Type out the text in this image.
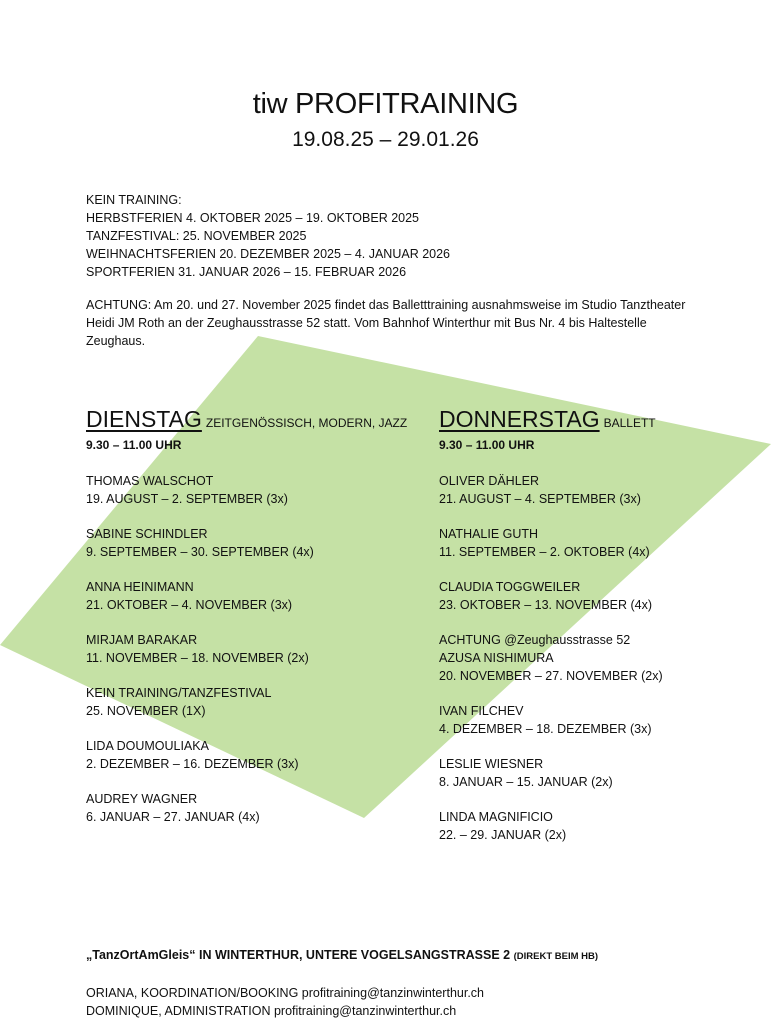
tiw PROFITRAINING
19.08.25 – 29.01.26
KEIN TRAINING:
HERBSTFERIEN 4. OKTOBER 2025 – 19. OKTOBER 2025
TANZFESTIVAL: 25. NOVEMBER 2025
WEIHNACHTSFERIEN 20. DEZEMBER 2025 – 4. JANUAR 2026
SPORTFERIEN 31. JANUAR 2026 – 15. FEBRUAR 2026
ACHTUNG: Am 20. und 27. November 2025 findet das Balletttraining ausnahmsweise im Studio Tanztheater Heidi JM Roth an der Zeughausstrasse 52 statt. Vom Bahnhof Winterthur mit Bus Nr. 4 bis Haltestelle Zeughaus.
DIENSTAG ZEITGENÖSSISCH, MODERN, JAZZ
9.30 – 11.00 UHR
THOMAS WALSCHOT
19. AUGUST – 2. SEPTEMBER (3x)
SABINE SCHINDLER
9. SEPTEMBER – 30. SEPTEMBER (4x)
ANNA HEINIMANN
21. OKTOBER – 4. NOVEMBER (3x)
MIRJAM BARAKAR
11. NOVEMBER – 18. NOVEMBER (2x)
KEIN TRAINING/TANZFESTIVAL
25. NOVEMBER (1X)
LIDA DOUMOULIAKA
2. DEZEMBER – 16. DEZEMBER (3x)
AUDREY WAGNER
6. JANUAR – 27. JANUAR (4x)
DONNERSTAG BALLETT
9.30 – 11.00 UHR
OLIVER DÄHLER
21. AUGUST – 4. SEPTEMBER (3x)
NATHALIE GUTH
11. SEPTEMBER – 2. OKTOBER (4x)
CLAUDIA TOGGWEILER
23. OKTOBER – 13. NOVEMBER (4x)
ACHTUNG @Zeughausstrasse 52
AZUSA NISHIMURA
20. NOVEMBER – 27. NOVEMBER (2x)
IVAN FILCHEV
4. DEZEMBER – 18. DEZEMBER (3x)
LESLIE WIESNER
8. JANUAR – 15. JANUAR (2x)
LINDA MAGNIFICIO
22. – 29. JANUAR (2x)
„TanzOrtAmGleis“ IN WINTERTHUR, UNTERE VOGELSANGSTRASSE 2 (DIREKT BEIM HB)
ORIANA, KOORDINATION/BOOKING profitraining@tanzinwinterthur.ch
DOMINIQUE, ADMINISTRATION profitraining@tanzinwinterthur.ch
